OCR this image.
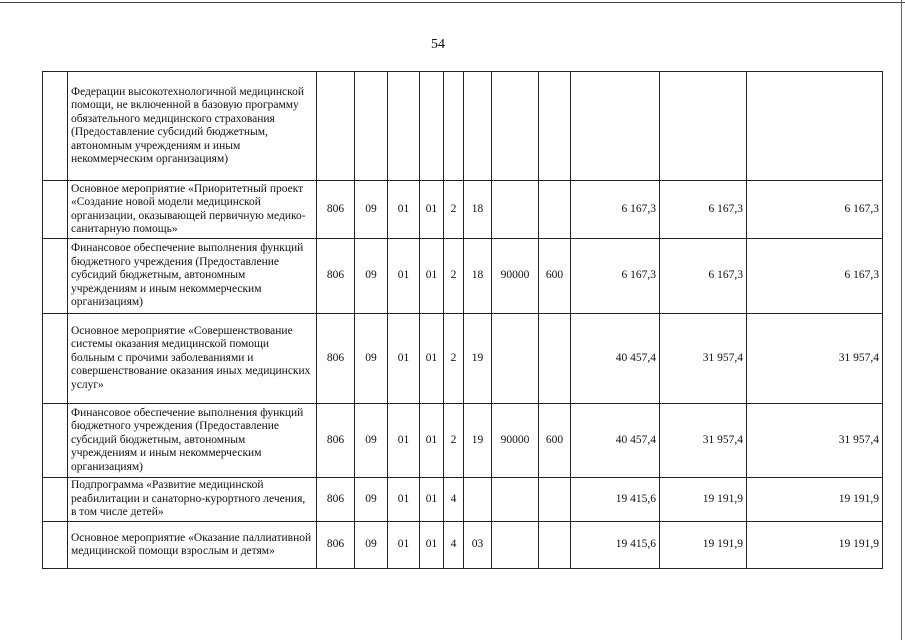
54
	Федерации высокотехнологичной медицинской помощи, не включенной в базовую программу обязательного медицинского страхования (Предоставление субсидий бюджетным, автономным учреждениям и иным некоммерческим организациям)											
	Основное мероприятие «Приоритетный проект «Создание новой модели медицинской организации, оказывающей первичную медико-санитарную помощь»	806	09	01	01	2	18			6 167,3	6 167,3	6 167,3
	Финансовое обеспечение выполнения функций бюджетного учреждения (Предоставление субсидий бюджетным, автономным учреждениям и иным некоммерческим организациям)	806	09	01	01	2	18	90000	600	6 167,3	6 167,3	6 167,3
	Основное мероприятие «Совершенствование системы оказания медицинской помощи больным с прочими заболеваниями и совершенствование оказания иных медицинских услуг»	806	09	01	01	2	19			40 457,4	31 957,4	31 957,4
	Финансовое обеспечение выполнения функций бюджетного учреждения (Предоставление субсидий бюджетным, автономным учреждениям и иным некоммерческим организациям)	806	09	01	01	2	19	90000	600	40 457,4	31 957,4	31 957,4
	Подпрограмма «Развитие медицинской реабилитации и санаторно-курортного лечения, в том числе детей»	806	09	01	01	4				19 415,6	19 191,9	19 191,9
	Основное мероприятие «Оказание паллиативной медицинской помощи взрослым и детям»	806	09	01	01	4	03			19 415,6	19 191,9	19 191,9
